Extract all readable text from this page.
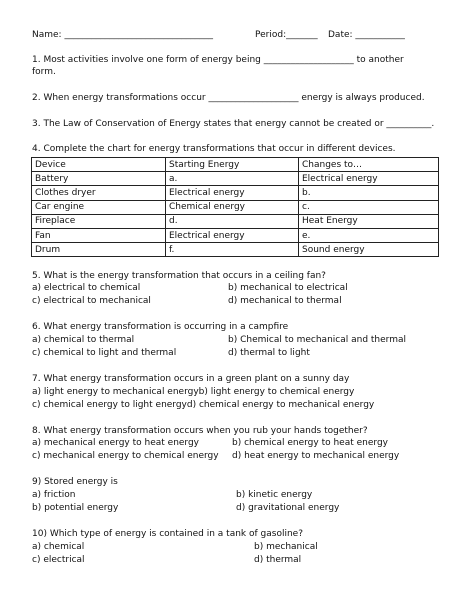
Name: _________________________________	Period:_______ Date: ___________
1. Most activities involve one form of energy being ____________________ to another
form.
2. When energy transformations occur ____________________ energy is always produced.
3. The Law of Conservation of Energy states that energy cannot be created or __________.
4. Complete the chart for energy transformations that occur in different devices.
Device	Starting Energy	Changes to…
Battery	a.	Electrical energy
Clothes dryer	Electrical energy	b.
Car engine	Chemical energy	c.
Fireplace	d.	Heat Energy
Fan	Electrical energy	e.
Drum	f.	Sound energy
5. What is the energy transformation that occurs in a ceiling fan?
a) electrical to chemical	b) mechanical to electrical
c) electrical to mechanical	d) mechanical to thermal
6. What energy transformation is occurring in a campfire
a) chemical to thermal	b) Chemical to mechanical and thermal
c) chemical to light and thermal	d) thermal to light
7. What energy transformation occurs in a green plant on a sunny day
a) light energy to mechanical energyb) light energy to chemical energy
c) chemical energy to light energyd) chemical energy to mechanical energy
8. What energy transformation occurs when you rub your hands together?
a) mechanical energy to heat energy	b) chemical energy to heat energy
c) mechanical energy to chemical energy d) heat energy to mechanical energy
9) Stored energy is
a) friction	b) kinetic energy
b) potential energy	d) gravitational energy
10) Which type of energy is contained in a tank of gasoline?
a) chemical	b) mechanical
c) electrical	d) thermal
